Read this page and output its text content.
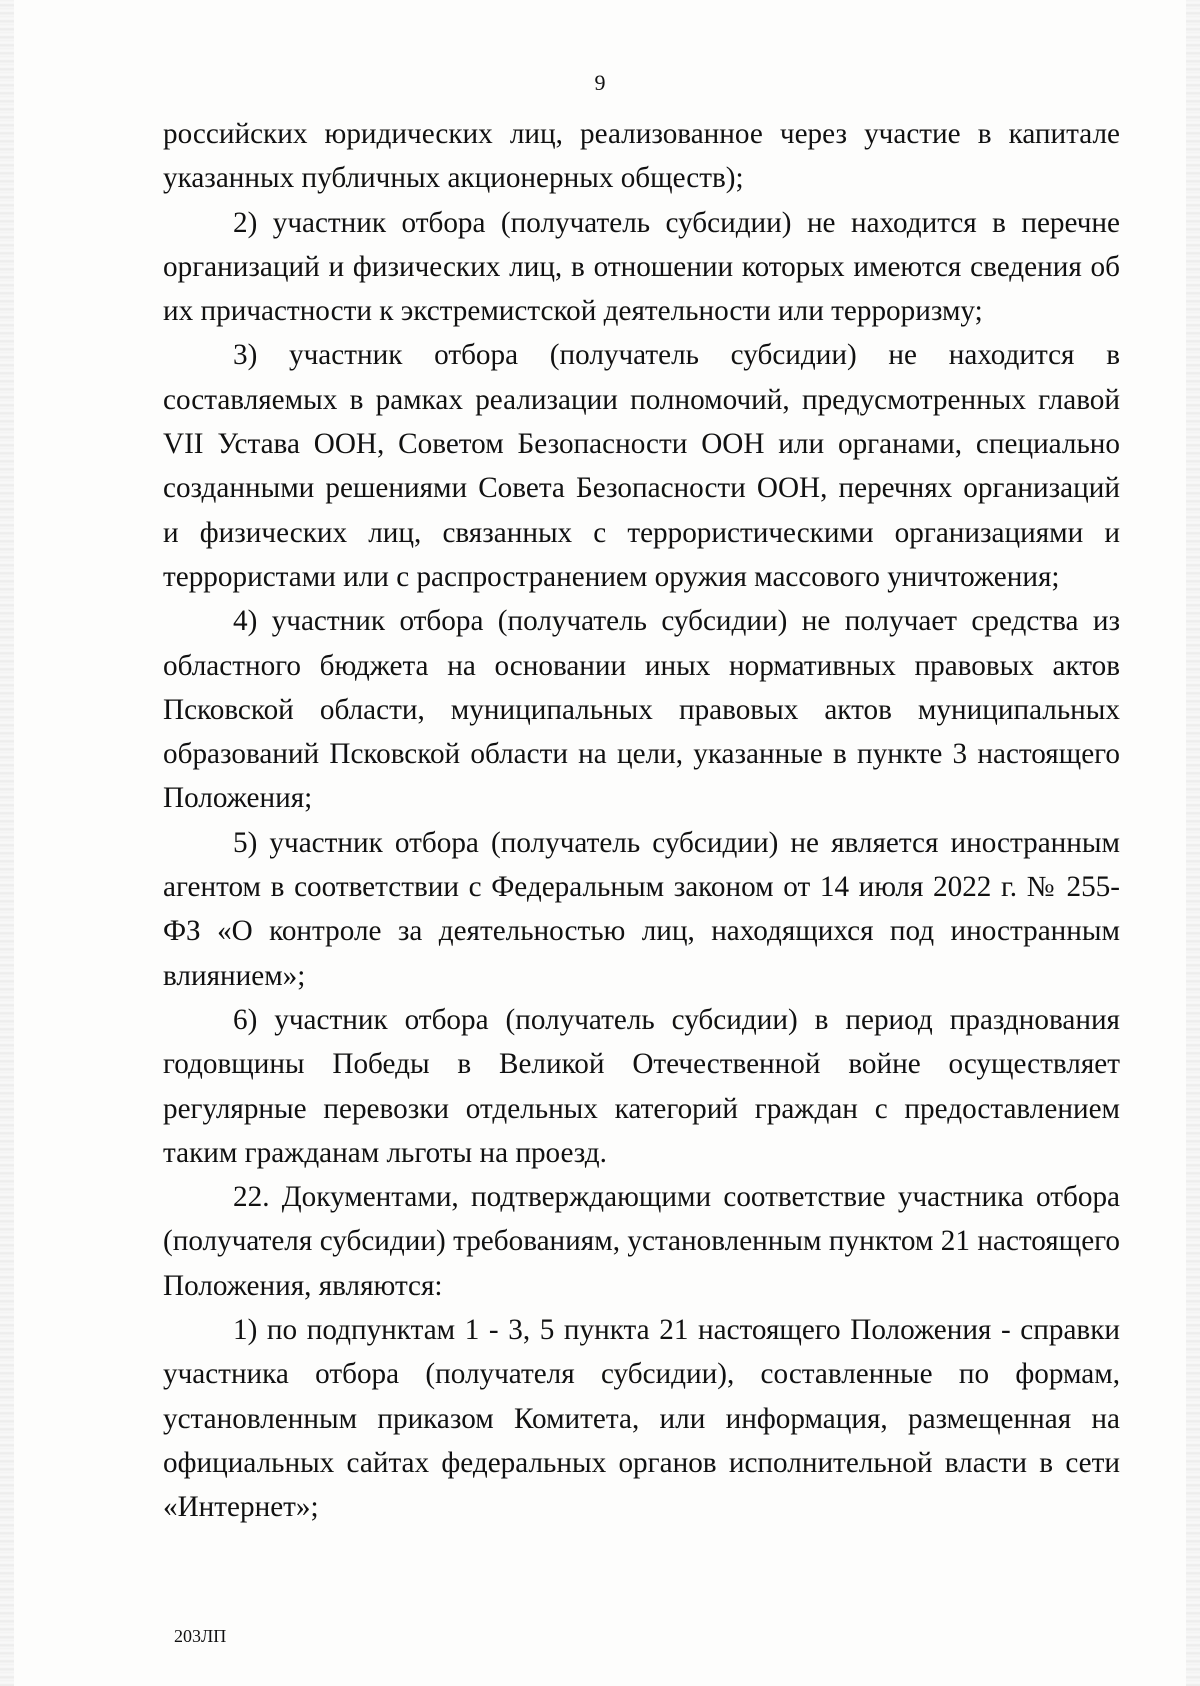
9

российских юридических лиц, реализованное через участие в капитале указанных публичных акционерных обществ);

2) участник отбора (получатель субсидии) не находится в перечне организаций и физических лиц, в отношении которых имеются сведения об их причастности к экстремистской деятельности или терроризму;

3) участник отбора (получатель субсидии) не находится в составляемых в рамках реализации полномочий, предусмотренных главой VII Устава ООН, Советом Безопасности ООН или органами, специально созданными решениями Совета Безопасности ООН, перечнях организаций и физических лиц, связанных с террористическими организациями и террористами или с распространением оружия массового уничтожения;

4) участник отбора (получатель субсидии) не получает средства из областного бюджета на основании иных нормативных правовых актов Псковской области, муниципальных правовых актов муниципальных образований Псковской области на цели, указанные в пункте 3 настоящего Положения;

5) участник отбора (получатель субсидии) не является иностранным агентом в соответствии с Федеральным законом от 14 июля 2022 г. № 255-ФЗ «О контроле за деятельностью лиц, находящихся под иностранным влиянием»;

6) участник отбора (получатель субсидии) в период празднования годовщины Победы в Великой Отечественной войне осуществляет регулярные перевозки отдельных категорий граждан с предоставлением таким гражданам льготы на проезд.

22. Документами, подтверждающими соответствие участника отбора (получателя субсидии) требованиям, установленным пунктом 21 настоящего Положения, являются:

1) по подпунктам 1 - 3, 5 пункта 21 настоящего Положения - справки участника отбора (получателя субсидии), составленные по формам, установленным приказом Комитета, или информация, размещенная на официальных сайтах федеральных органов исполнительной власти в сети «Интернет»;

203ЛП
